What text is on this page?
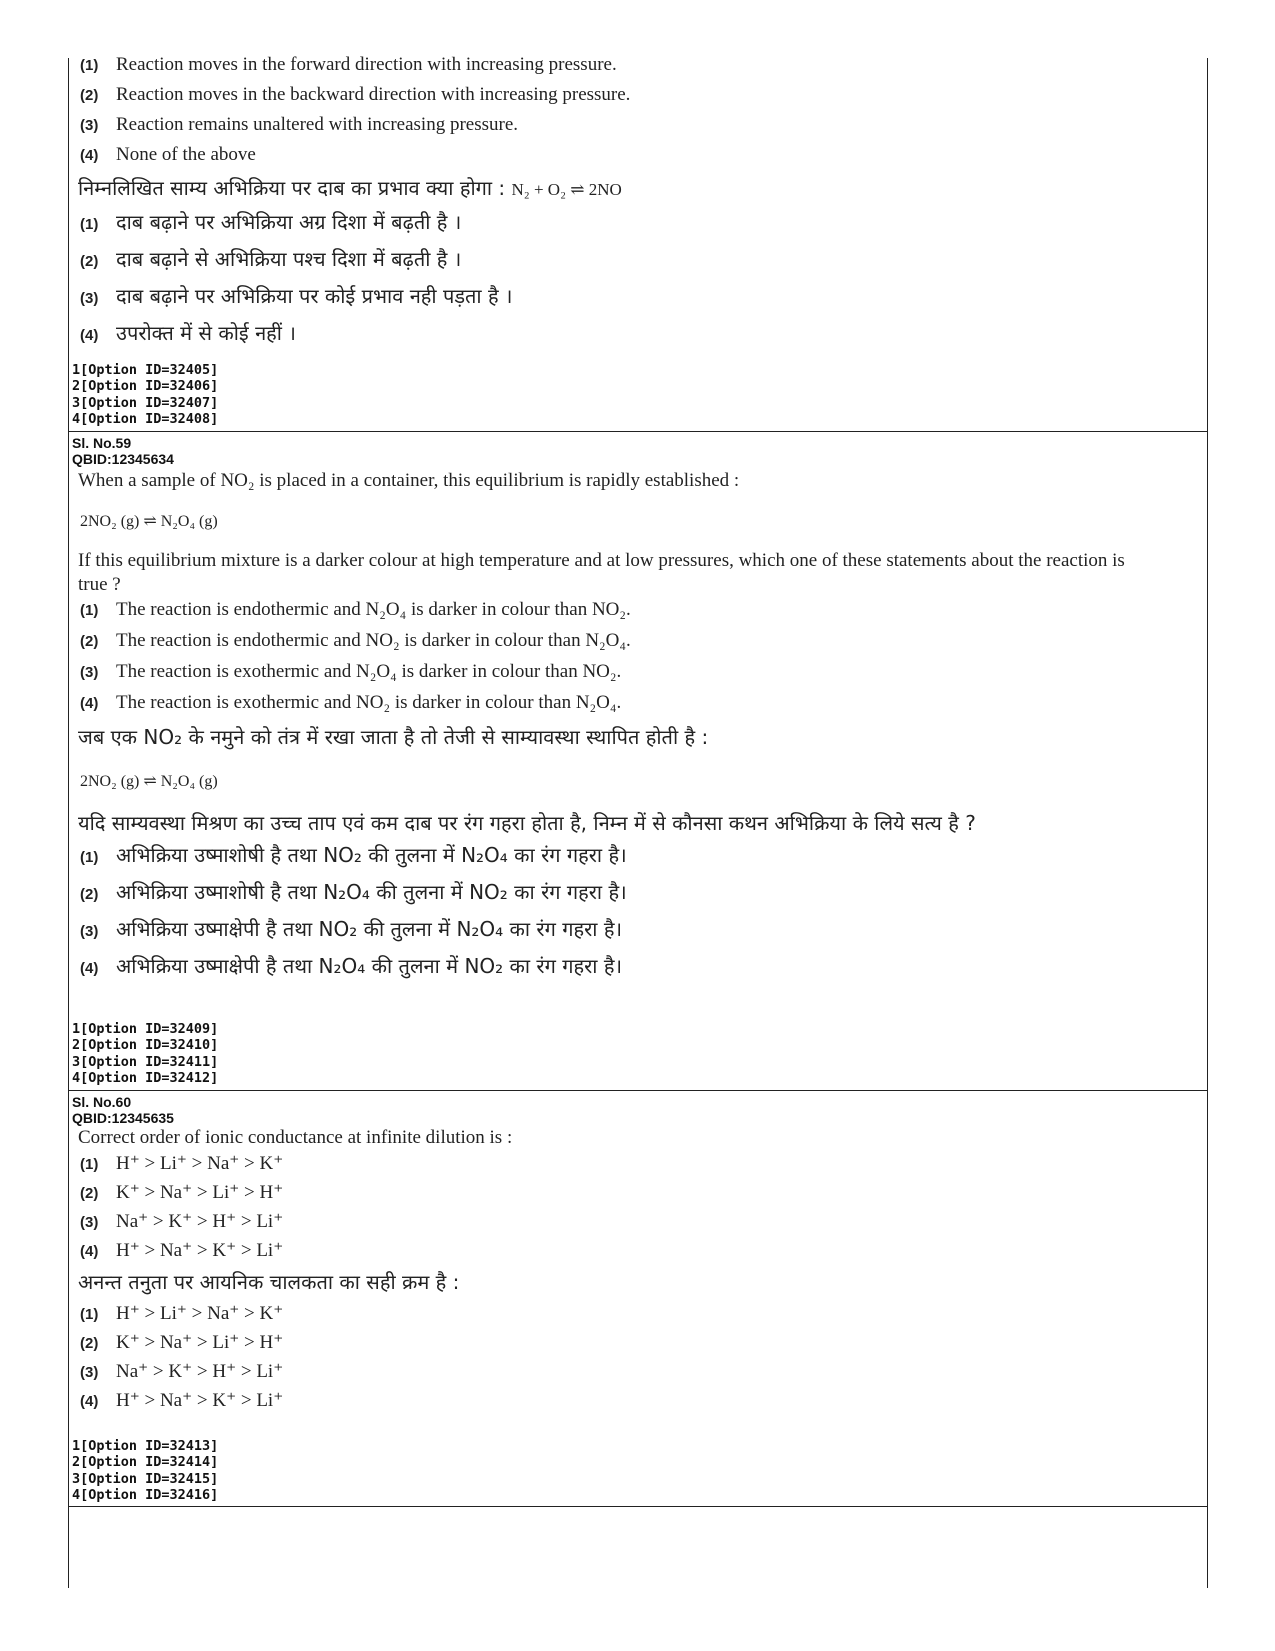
(1) Reaction moves in the forward direction with increasing pressure.
(2) Reaction moves in the backward direction with increasing pressure.
(3) Reaction remains unaltered with increasing pressure.
(4) None of the above
निम्नलिखित साम्य अभिक्रिया पर दाब का प्रभाव क्या होगा : N₂ + O₂ ⇌ 2NO
(1) दाब बढ़ाने पर अभिक्रिया अग्र दिशा में बढ़ती है ।
(2) दाब बढ़ाने से अभिक्रिया पश्च दिशा में बढ़ती है ।
(3) दाब बढ़ाने पर अभिक्रिया पर कोई प्रभाव नही पड़ता है ।
(4) उपरोक्त में से कोई नहीं ।
1[Option ID=32405]
2[Option ID=32406]
3[Option ID=32407]
4[Option ID=32408]
Sl. No.59
QBID:12345634
When a sample of NO₂ is placed in a container, this equilibrium is rapidly established :
2NO₂ (g) ⇌ N₂O₄ (g)
If this equilibrium mixture is a darker colour at high temperature and at low pressures, which one of these statements about the reaction is true ?
(1) The reaction is endothermic and N₂O₄ is darker in colour than NO₂.
(2) The reaction is endothermic and NO₂ is darker in colour than N₂O₄.
(3) The reaction is exothermic and N₂O₄ is darker in colour than NO₂.
(4) The reaction is exothermic and NO₂ is darker in colour than N₂O₄.
जब एक NO₂ के नमुने को तंत्र में रखा जाता है तो तेजी से साम्यावस्था स्थापित होती है :
2NO₂ (g) ⇌ N₂O₄ (g)
यदि साम्यवस्था मिश्रण का उच्च ताप एवं कम दाब पर रंग गहरा होता है, निम्न में से कौनसा कथन अभिक्रिया के लिये सत्य है ?
(1) अभिक्रिया उष्माशोषी है तथा NO₂ की तुलना में N₂O₄ का रंग गहरा है।
(2) अभिक्रिया उष्माशोषी है तथा N₂O₄ की तुलना में NO₂ का रंग गहरा है।
(3) अभिक्रिया उष्माक्षेपी है तथा NO₂ की तुलना में N₂O₄ का रंग गहरा है।
(4) अभिक्रिया उष्माक्षेपी है तथा N₂O₄ की तुलना में NO₂ का रंग गहरा है।
1[Option ID=32409]
2[Option ID=32410]
3[Option ID=32411]
4[Option ID=32412]
Sl. No.60
QBID:12345635
Correct order of ionic conductance at infinite dilution is :
(1) H⁺ > Li⁺ > Na⁺ > K⁺
(2) K⁺ > Na⁺ > Li⁺ > H⁺
(3) Na⁺ > K⁺ > H⁺ > Li⁺
(4) H⁺ > Na⁺ > K⁺ > Li⁺
अनन्त तनुता पर आयनिक चालकता का सही क्रम है :
(1) H⁺ > Li⁺ > Na⁺ > K⁺
(2) K⁺ > Na⁺ > Li⁺ > H⁺
(3) Na⁺ > K⁺ > H⁺ > Li⁺
(4) H⁺ > Na⁺ > K⁺ > Li⁺
1[Option ID=32413]
2[Option ID=32414]
3[Option ID=32415]
4[Option ID=32416]
